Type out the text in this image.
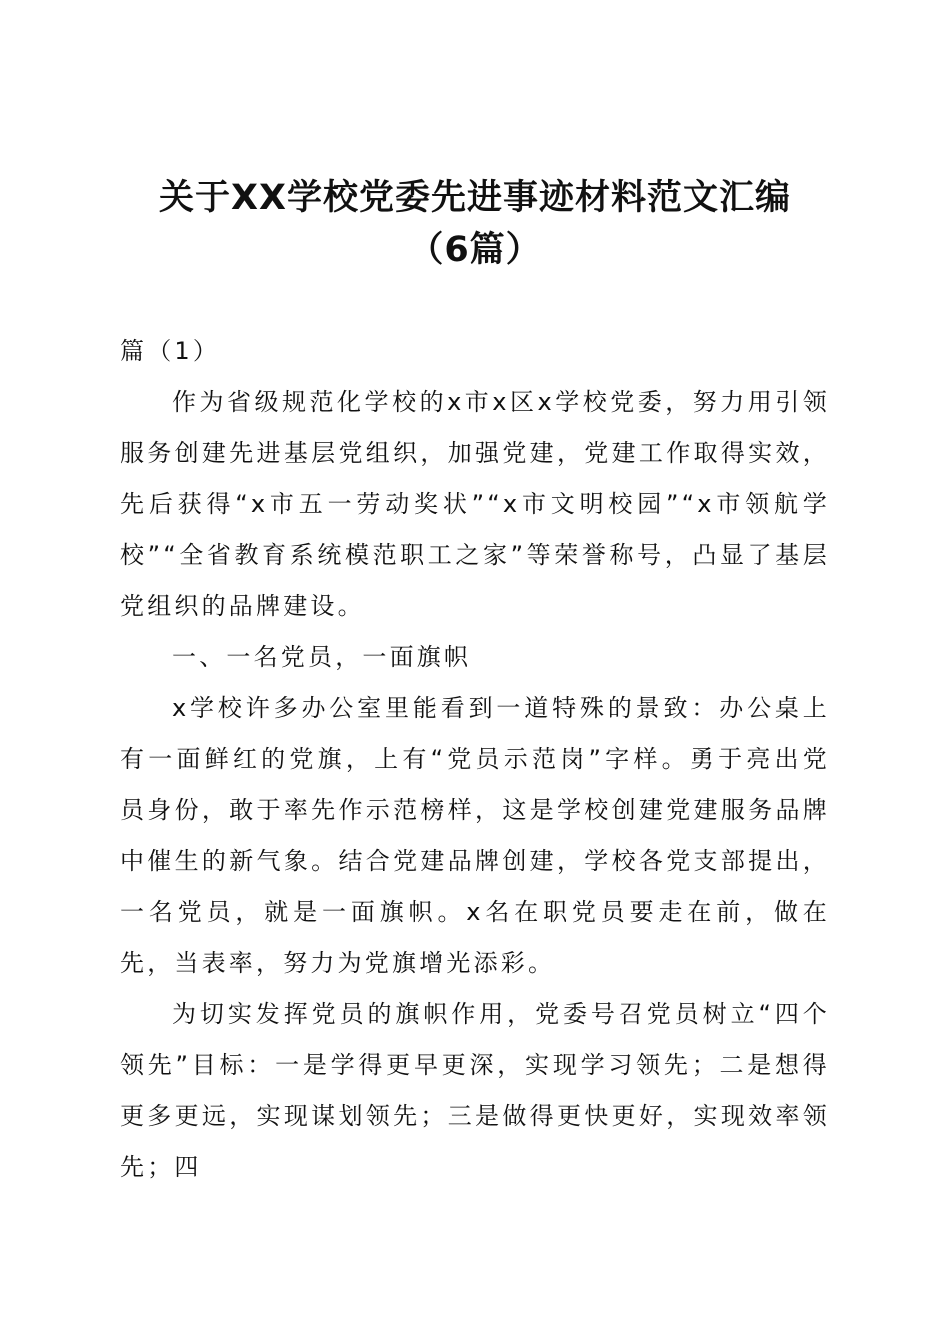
关于XX学校党委先进事迹材料范文汇编
（6篇）

篇（1）

作为省级规范化学校的x市x区x学校党委，努力用引领服务创建先进基层党组织，加强党建，党建工作取得实效，先后获得“x市五一劳动奖状”“x市文明校园”“x市领航学校”“全省教育系统模范职工之家”等荣誉称号，凸显了基层党组织的品牌建设。

一、一名党员，一面旗帜

x学校许多办公室里能看到一道特殊的景致：办公桌上有一面鲜红的党旗，上有“党员示范岗”字样。勇于亮出党员身份，敢于率先作示范榜样，这是学校创建党建服务品牌中催生的新气象。结合党建品牌创建，学校各党支部提出，一名党员，就是一面旗帜。x名在职党员要走在前，做在先，当表率，努力为党旗增光添彩。

为切实发挥党员的旗帜作用，党委号召党员树立“四个领先”目标：一是学得更早更深，实现学习领先；二是想得更多更远，实现谋划领先；三是做得更快更好，实现效率领先；四
